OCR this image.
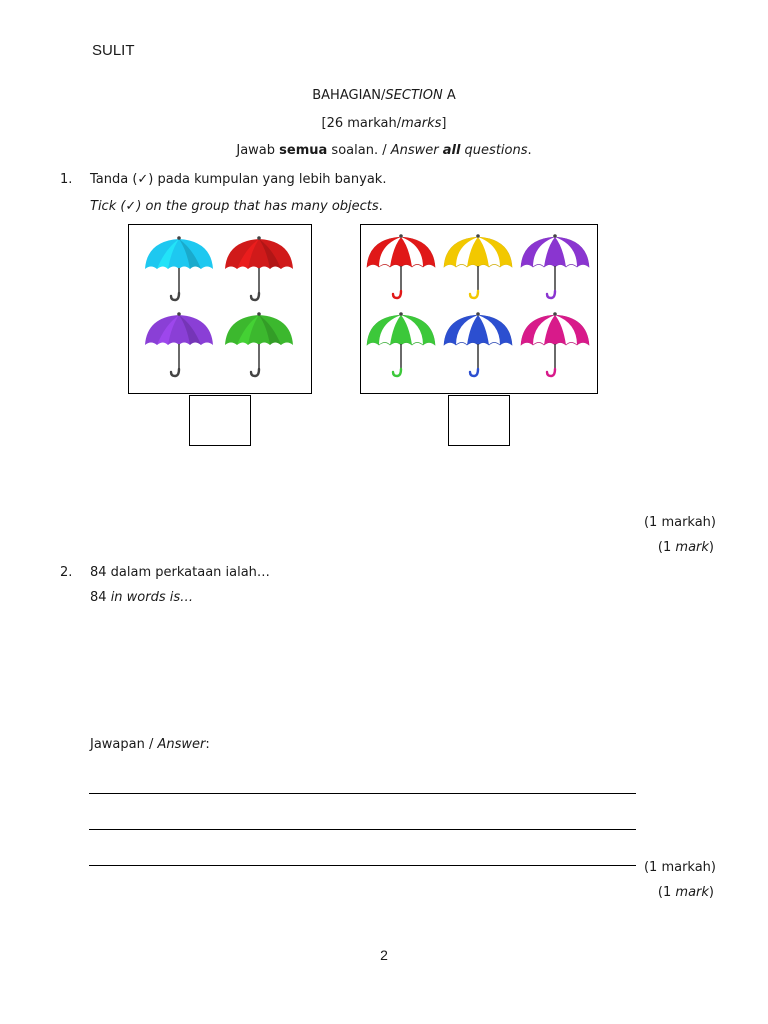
SULIT
BAHAGIAN/SECTION A
[26 markah/marks]
Jawab semua soalan. / Answer all questions.
1. Tanda (✓) pada kumpulan yang lebih banyak.
Tick (✓) on the group that has many objects.
(1 markah)
(1 mark)
2. 84 dalam perkataan ialah…
84 in words is…
Jawapan / Answer:
(1 markah)
(1 mark)
2
